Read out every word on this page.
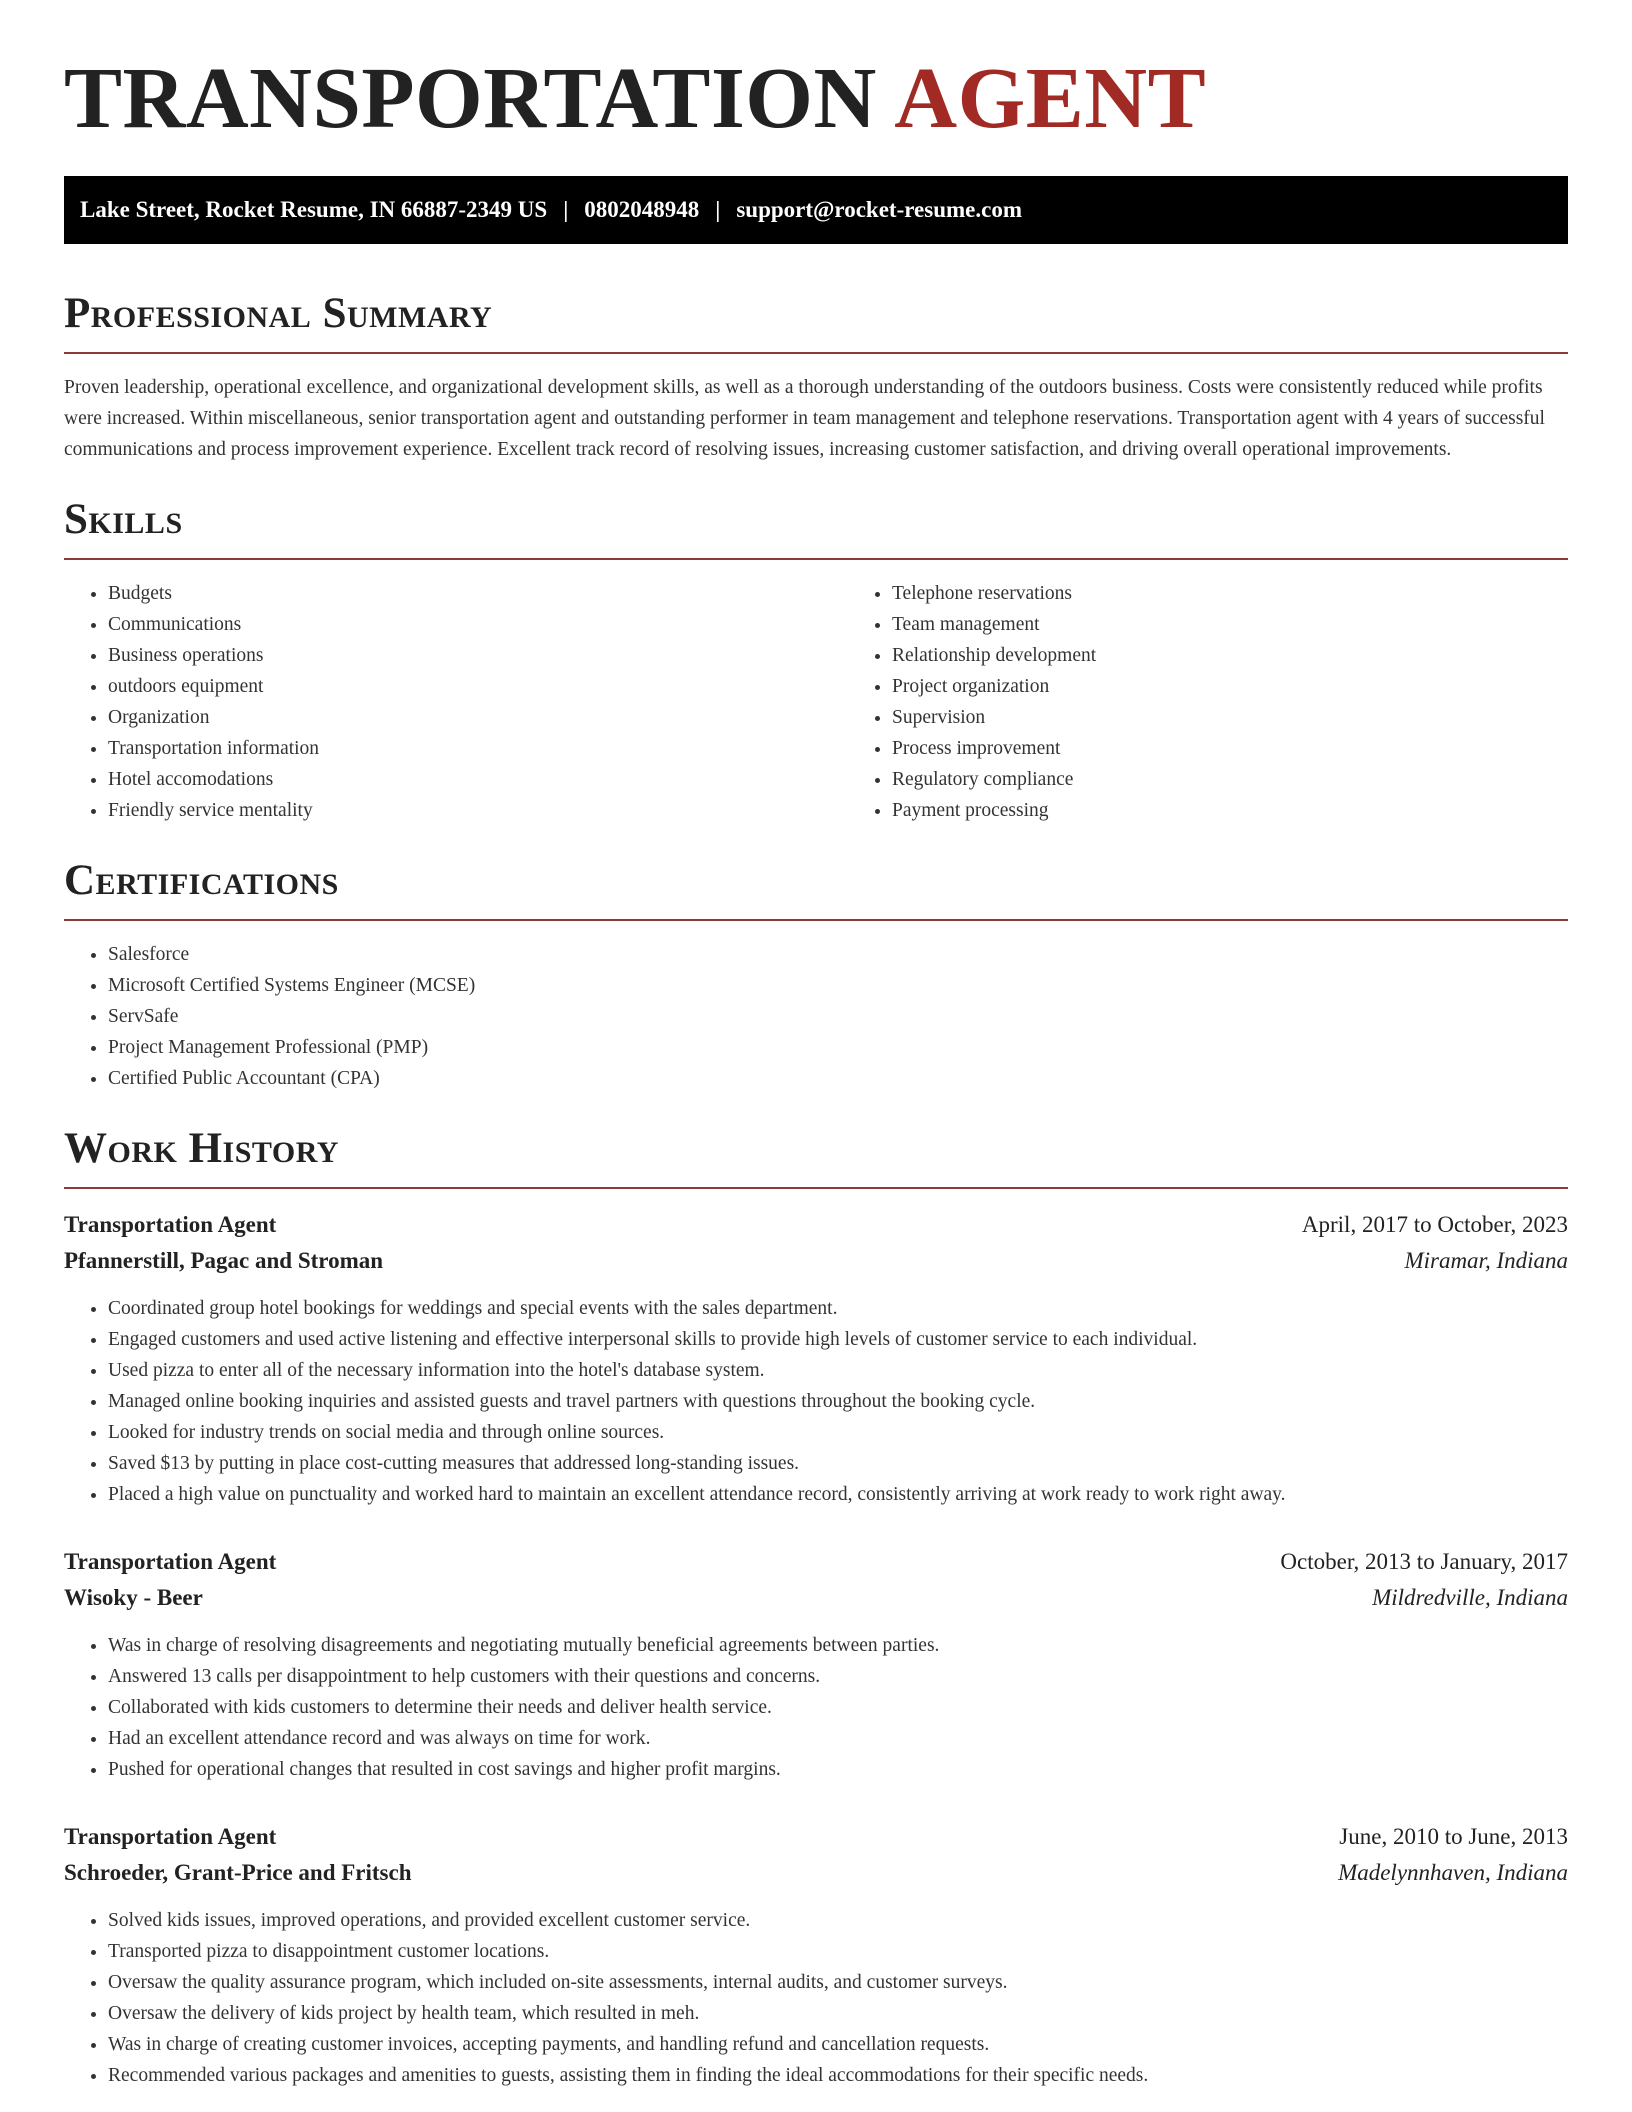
TRANSPORTATION AGENT
Lake Street, Rocket Resume, IN 66887-2349 US | 0802048948 | support@rocket-resume.com
Professional Summary

Proven leadership, operational excellence, and organizational development skills, as well as a thorough understanding of the outdoors business. Costs were consistently reduced while profits were increased. Within miscellaneous, senior transportation agent and outstanding performer in team management and telephone reservations. Transportation agent with 4 years of successful communications and process improvement experience. Excellent track record of resolving issues, increasing customer satisfaction, and driving overall operational improvements.

Skills
• Budgets
• Communications
• Business operations
• outdoors equipment
• Organization
• Transportation information
• Hotel accomodations
• Friendly service mentality
• Telephone reservations
• Team management
• Relationship development
• Project organization
• Supervision
• Process improvement
• Regulatory compliance
• Payment processing
Certifications
• Salesforce
• Microsoft Certified Systems Engineer (MCSE)
• ServSafe
• Project Management Professional (PMP)
• Certified Public Accountant (CPA)
Work History
Transportation Agent	April, 2017 to October, 2023
Pfannerstill, Pagac and Stroman	Miramar, Indiana
• Coordinated group hotel bookings for weddings and special events with the sales department.
• Engaged customers and used active listening and effective interpersonal skills to provide high levels of customer service to each individual.
• Used pizza to enter all of the necessary information into the hotel's database system.
• Managed online booking inquiries and assisted guests and travel partners with questions throughout the booking cycle.
• Looked for industry trends on social media and through online sources.
• Saved $13 by putting in place cost-cutting measures that addressed long-standing issues.
• Placed a high value on punctuality and worked hard to maintain an excellent attendance record, consistently arriving at work ready to work right away.
Transportation Agent	October, 2013 to January, 2017
Wisoky - Beer	Mildredville, Indiana
• Was in charge of resolving disagreements and negotiating mutually beneficial agreements between parties.
• Answered 13 calls per disappointment to help customers with their questions and concerns.
• Collaborated with kids customers to determine their needs and deliver health service.
• Had an excellent attendance record and was always on time for work.
• Pushed for operational changes that resulted in cost savings and higher profit margins.
Transportation Agent	June, 2010 to June, 2013
Schroeder, Grant-Price and Fritsch	Madelynnhaven, Indiana
• Solved kids issues, improved operations, and provided excellent customer service.
• Transported pizza to disappointment customer locations.
• Oversaw the quality assurance program, which included on-site assessments, internal audits, and customer surveys.
• Oversaw the delivery of kids project by health team, which resulted in meh.
• Was in charge of creating customer invoices, accepting payments, and handling refund and cancellation requests.
• Recommended various packages and amenities to guests, assisting them in finding the ideal accommodations for their specific needs.
